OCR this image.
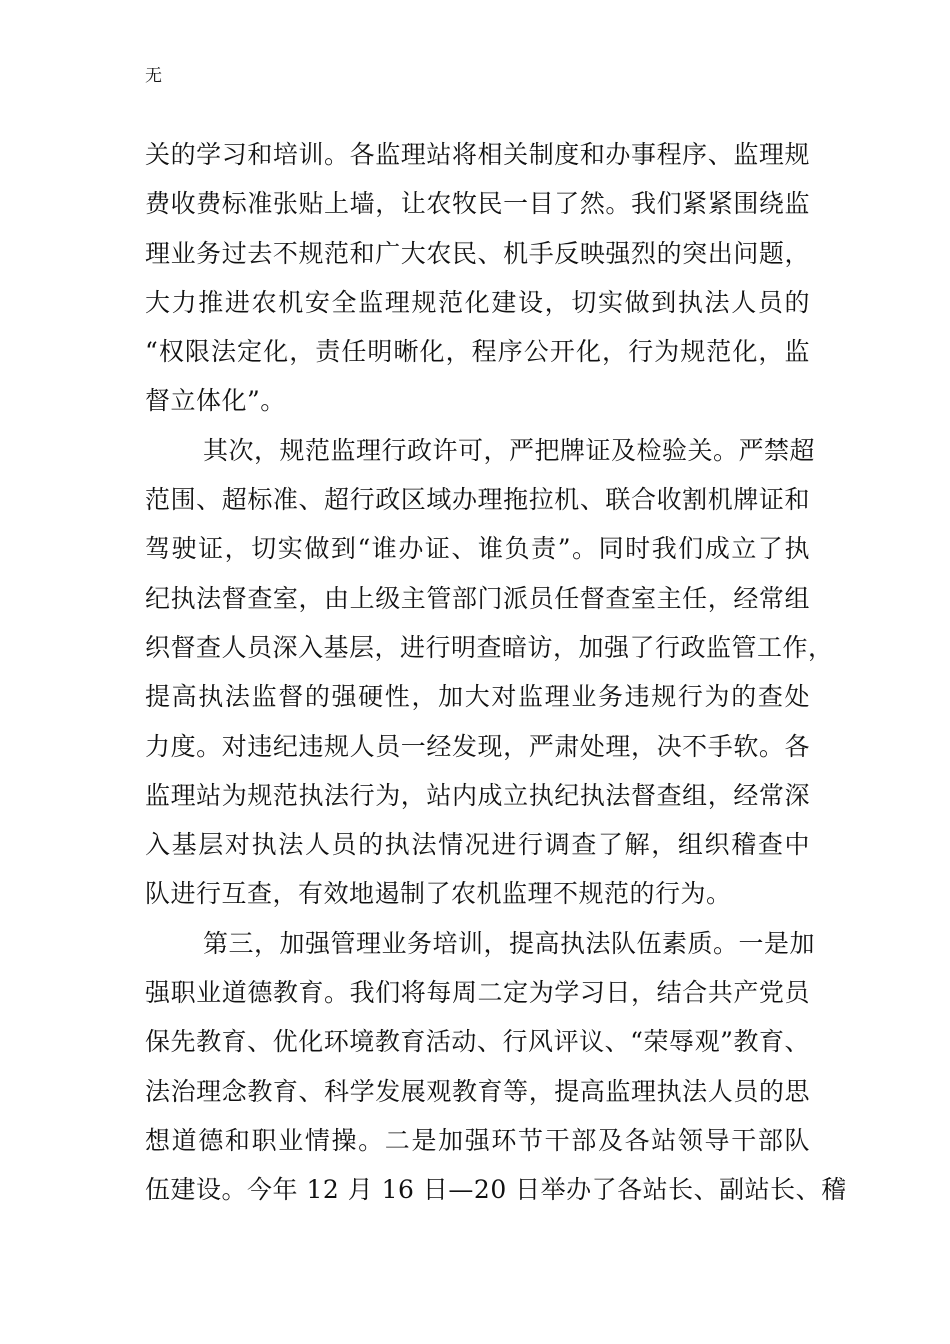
无
关的学习和培训。各监理站将相关制度和办事程序、监理规
费收费标准张贴上墙，让农牧民一目了然。我们紧紧围绕监
理业务过去不规范和广大农民、机手反映强烈的突出问题，
大力推进农机安全监理规范化建设，切实做到执法人员的
“权限法定化，责任明晰化，程序公开化，行为规范化，监
督立体化”。
其次，规范监理行政许可，严把牌证及检验关。严禁超
范围、超标准、超行政区域办理拖拉机、联合收割机牌证和
驾驶证，切实做到“谁办证、谁负责”。同时我们成立了执
纪执法督查室，由上级主管部门派员任督查室主任，经常组
织督查人员深入基层，进行明查暗访，加强了行政监管工作，
提高执法监督的强硬性，加大对监理业务违规行为的查处
力度。对违纪违规人员一经发现，严肃处理，决不手软。各
监理站为规范执法行为，站内成立执纪执法督查组，经常深
入基层对执法人员的执法情况进行调查了解，组织稽查中
队进行互查，有效地遏制了农机监理不规范的行为。
第三，加强管理业务培训，提高执法队伍素质。一是加
强职业道德教育。我们将每周二定为学习日，结合共产党员
保先教育、优化环境教育活动、行风评议、“荣辱观”教育、
法治理念教育、科学发展观教育等，提高监理执法人员的思
想道德和职业情操。二是加强环节干部及各站领导干部队
伍建设。今年 12 月 16 日—20 日举办了各站长、副站长、稽
